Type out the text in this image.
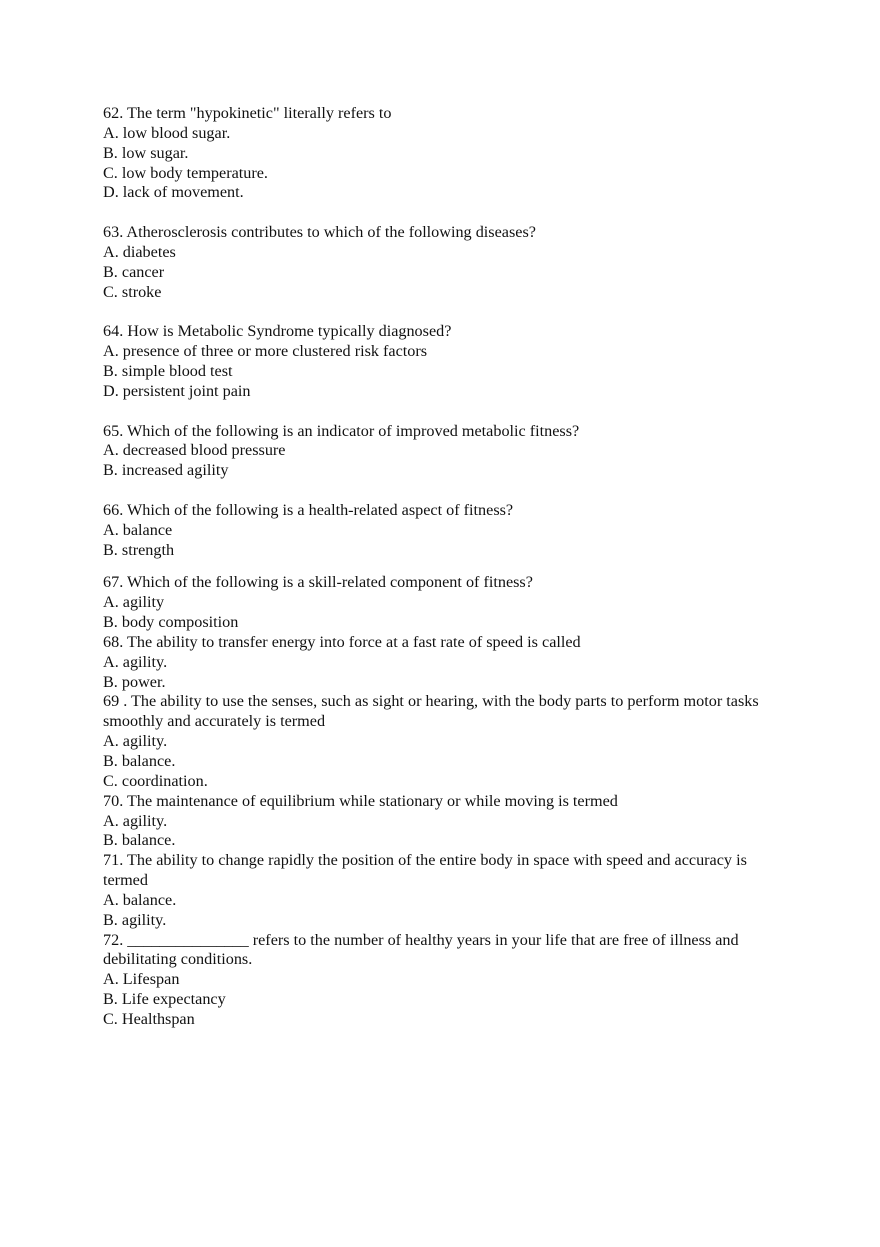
62. The term "hypokinetic" literally refers to
A. low blood sugar.
B. low sugar.
C. low body temperature.
D. lack of movement.
63. Atherosclerosis contributes to which of the following diseases?
A. diabetes
B. cancer
C. stroke
64. How is Metabolic Syndrome typically diagnosed?
A. presence of three or more clustered risk factors
B. simple blood test
D. persistent joint pain
65. Which of the following is an indicator of improved metabolic fitness?
A. decreased blood pressure
B. increased agility
66. Which of the following is a health-related aspect of fitness?
A. balance
B. strength
67. Which of the following is a skill-related component of fitness?
A. agility
B. body composition
68. The ability to transfer energy into force at a fast rate of speed is called
A. agility.
B. power.
69 . The ability to use the senses, such as sight or hearing, with the body parts to perform motor tasks smoothly and accurately is termed
A. agility.
B. balance.
C. coordination.
70. The maintenance of equilibrium while stationary or while moving is termed
A. agility.
B. balance.
71. The ability to change rapidly the position of the entire body in space with speed and accuracy is termed
A. balance.
B. agility.
72. _______________ refers to the number of healthy years in your life that are free of illness and debilitating conditions.
A. Lifespan
B. Life expectancy
C. Healthspan
